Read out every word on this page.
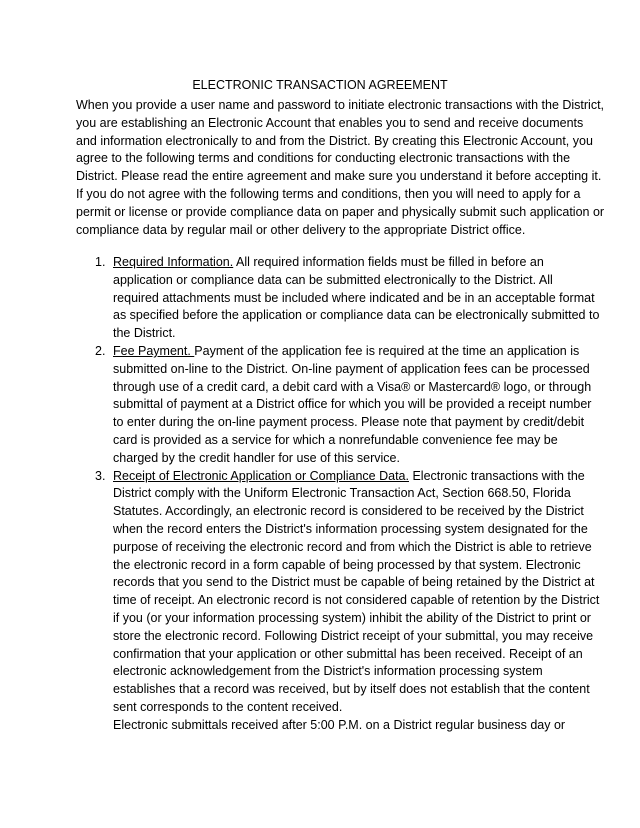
ELECTRONIC TRANSACTION AGREEMENT
When you provide a user name and password to initiate electronic transactions with the District,
you are establishing an Electronic Account that enables you to send and receive documents
and information electronically to and from the District. By creating this Electronic Account, you
agree to the following terms and conditions for conducting electronic transactions with the
District. Please read the entire agreement and make sure you understand it before accepting it.
If you do not agree with the following terms and conditions, then you will need to apply for a
permit or license or provide compliance data on paper and physically submit such application or
compliance data by regular mail or other delivery to the appropriate District office.
1. Required Information. All required information fields must be filled in before an
application or compliance data can be submitted electronically to the District. All
required attachments must be included where indicated and be in an acceptable format
as specified before the application or compliance data can be electronically submitted to
the District.
2. Fee Payment. Payment of the application fee is required at the time an application is
submitted on-line to the District. On-line payment of application fees can be processed
through use of a credit card, a debit card with a Visa® or Mastercard® logo, or through
submittal of payment at a District office for which you will be provided a receipt number
to enter during the on-line payment process. Please note that payment by credit/debit
card is provided as a service for which a nonrefundable convenience fee may be
charged by the credit handler for use of this service.
3. Receipt of Electronic Application or Compliance Data. Electronic transactions with the
District comply with the Uniform Electronic Transaction Act, Section 668.50, Florida
Statutes. Accordingly, an electronic record is considered to be received by the District
when the record enters the District's information processing system designated for the
purpose of receiving the electronic record and from which the District is able to retrieve
the electronic record in a form capable of being processed by that system. Electronic
records that you send to the District must be capable of being retained by the District at
time of receipt. An electronic record is not considered capable of retention by the District
if you (or your information processing system) inhibit the ability of the District to print or
store the electronic record. Following District receipt of your submittal, you may receive
confirmation that your application or other submittal has been received. Receipt of an
electronic acknowledgement from the District's information processing system
establishes that a record was received, but by itself does not establish that the content
sent corresponds to the content received.
Electronic submittals received after 5:00 P.M. on a District regular business day or
